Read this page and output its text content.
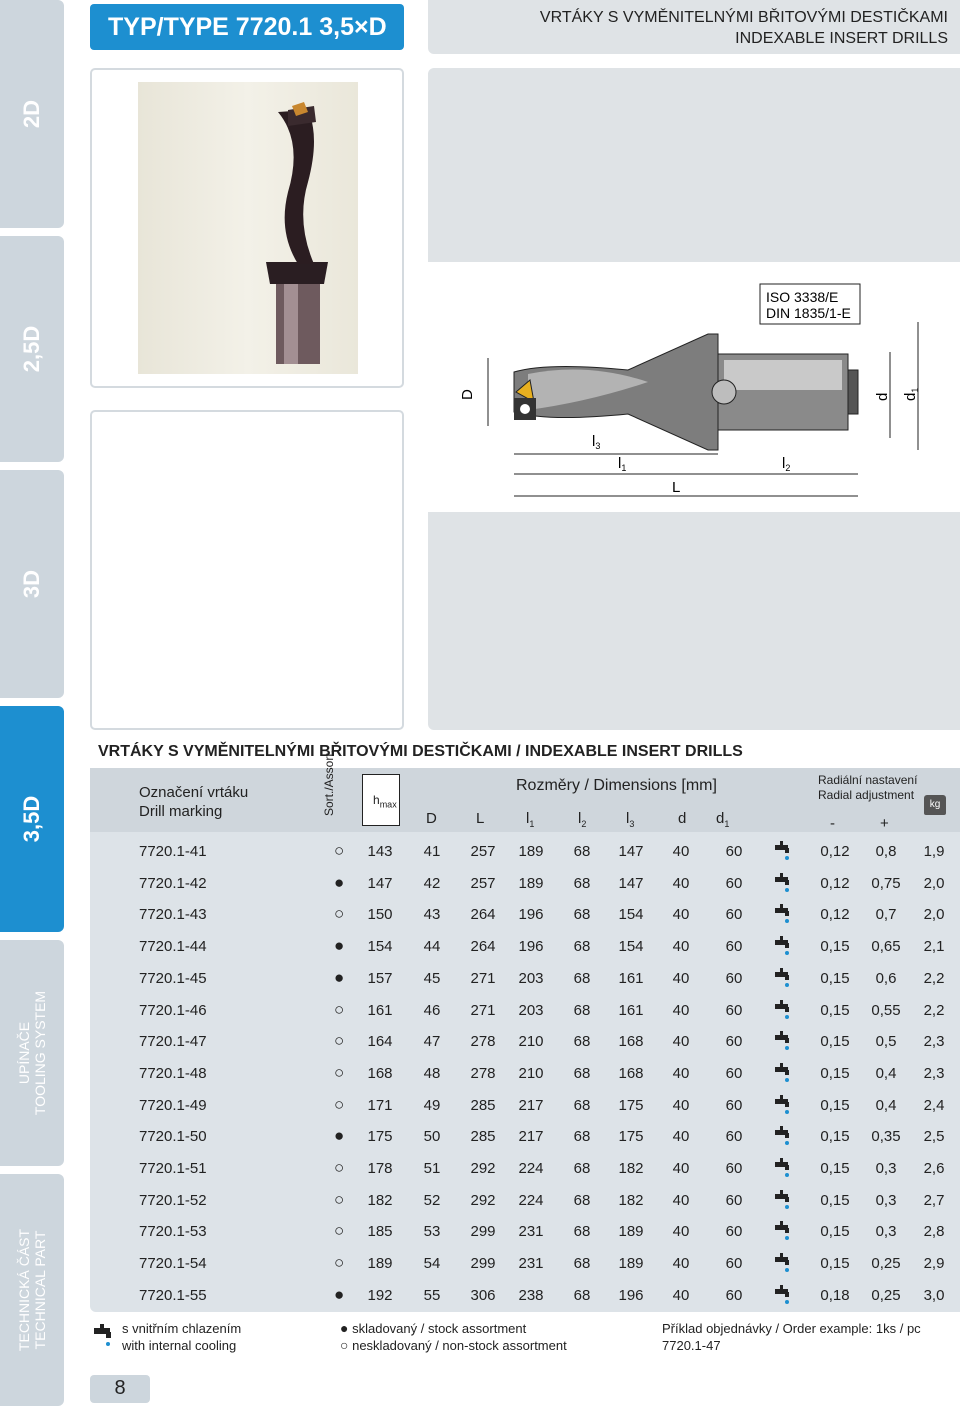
2D
2,5D
3D
3,5D
UPÍNAČE
TOOLING SYSTEM
TECHNICKÁ ČÁST
TECHNICAL PART
TYP/TYPE 7720.1 3,5×D	VRTÁKY S VYMĚNITELNÝMI BŘITOVÝMI DESTIČKAMI
INDEXABLE INSERT DRILLS
ISO 3338/E
DIN 1835/1-E
D	d $d_1$
$l_3$
$l_1$	$l_2$
L
VRTÁKY S VYMĚNITELNÝMI BŘITOVÝMI DESTIČKAMI / INDEXABLE INSERT DRILLS
Označení vrtáku
Drill marking	Sort./Assort.	$h_{max}$
Rozměry / Dimensions [mm]	Radiální nastavení
Radial adjustment
kg
D	L	$l_1$	$l_2$	$l_3$	d $d_1$	-	+
7720.1-41	○ 143	41	257 189	68	147	40	60	0,12	0,8	1,9
7720.1-42	● 147	42	257 189	68	147	40	60	0,12 0,75	2,0
7720.1-43	○ 150	43	264 196	68	154	40	60	0,12	0,7	2,0
7720.1-44	● 154	44	264 196	68	154	40	60	0,15 0,65	2,1
7720.1-45	● 157	45	271 203	68	161	40	60	0,15	0,6	2,2
7720.1-46	○ 161	46	271 203	68	161	40	60	0,15 0,55	2,2
7720.1-47	○ 164	47	278 210	68	168	40	60	0,15	0,5	2,3
7720.1-48	○ 168	48	278 210	68	168	40	60	0,15	0,4	2,3
7720.1-49	○ 171	49	285 217	68	175	40	60	0,15	0,4	2,4
7720.1-50	● 175	50	285 217	68	175	40	60	0,15 0,35	2,5
7720.1-51	○ 178	51	292 224	68	182	40	60	0,15	0,3	2,6
7720.1-52	○ 182	52	292 224	68	182	40	60	0,15	0,3	2,7
7720.1-53	○ 185	53	299 231	68	189	40	60	0,15	0,3	2,8
7720.1-54	○ 189	54	299 231	68	189	40	60	0,15 0,25	2,9
7720.1-55	● 192	55	306 238	68	196	40	60	0,18 0,25	3,0
s vnitřním chlazením
with internal cooling
● skladovaný / stock assortment
○ neskladovaný / non-stock assortment
Příklad objednávky / Order example: 1ks / pc 7720.1-47
8
